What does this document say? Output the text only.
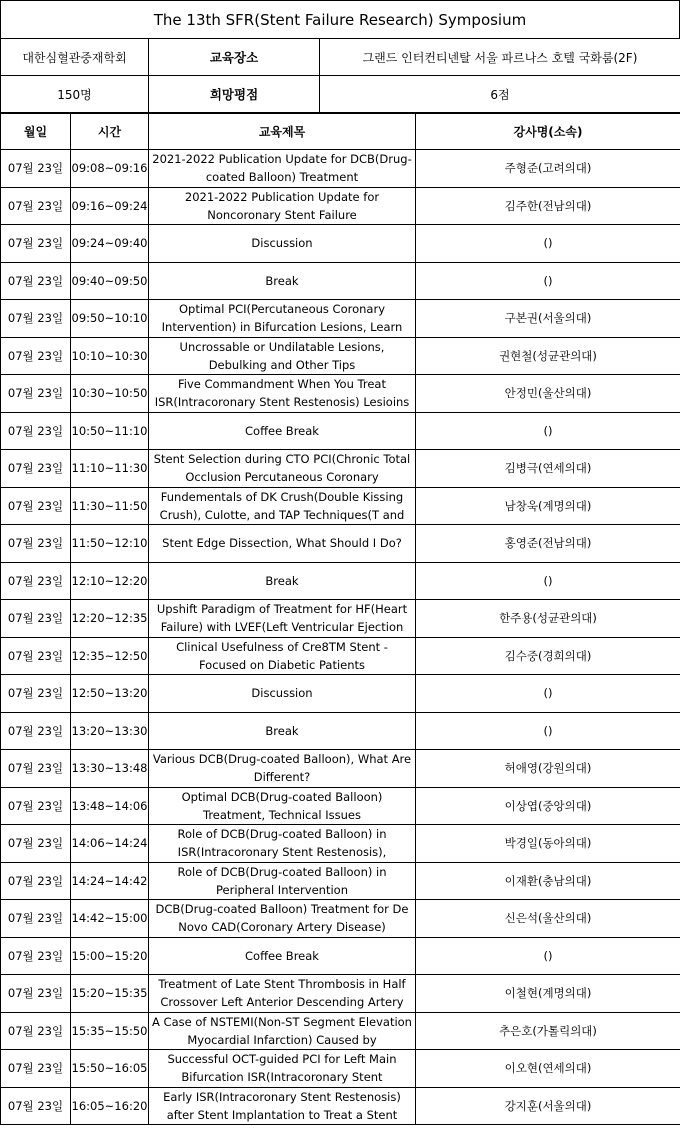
The 13th SFR(Stent Failure Research) Symposium
대한심혈관중재학회	교육장소	그랜드 인터컨티넨탈 서울 파르나스 호텔 국화룸(2F)
150명	희망평점	6점
월일	시간	교육제목	강사명(소속)
07월 23일	09:08~09:16	2021-2022 Publication Update for DCB(Drug-coated Balloon) Treatment	주형준(고려의대)
07월 23일	09:16~09:24	2021-2022 Publication Update for Noncoronary Stent Failure	김주한(전남의대)
07월 23일	09:24~09:40	Discussion	()
07월 23일	09:40~09:50	Break	()
07월 23일	09:50~10:10	Optimal PCI(Percutaneous Coronary Intervention) in Bifurcation Lesions, Learn	구본권(서울의대)
07월 23일	10:10~10:30	Uncrossable or Undilatable Lesions, Debulking and Other Tips	권현철(성균관의대)
07월 23일	10:30~10:50	Five Commandment When You Treat ISR(Intracoronary Stent Restenosis) Lesioins	안정민(울산의대)
07월 23일	10:50~11:10	Coffee Break	()
07월 23일	11:10~11:30	Stent Selection during CTO PCI(Chronic Total Occlusion Percutaneous Coronary	김병극(연세의대)
07월 23일	11:30~11:50	Fundementals of DK Crush(Double Kissing Crush), Culotte, and TAP Techniques(T and	남창욱(계명의대)
07월 23일	11:50~12:10	Stent Edge Dissection, What Should I Do?	홍영준(전남의대)
07월 23일	12:10~12:20	Break	()
07월 23일	12:20~12:35	Upshift Paradigm of Treatment for HF(Heart Failure) with LVEF(Left Ventricular Ejection	한주용(성균관의대)
07월 23일	12:35~12:50	Clinical Usefulness of Cre8TM Stent - Focused on Diabetic Patients	김수중(경희의대)
07월 23일	12:50~13:20	Discussion	()
07월 23일	13:20~13:30	Break	()
07월 23일	13:30~13:48	Various DCB(Drug-coated Balloon), What Are Different?	허애영(강원의대)
07월 23일	13:48~14:06	Optimal DCB(Drug-coated Balloon) Treatment, Technical Issues	이상엽(중앙의대)
07월 23일	14:06~14:24	Role of DCB(Drug-coated Balloon) in ISR(Intracoronary Stent Restenosis),	박경일(동아의대)
07월 23일	14:24~14:42	Role of DCB(Drug-coated Balloon) in Peripheral Intervention	이재환(충남의대)
07월 23일	14:42~15:00	DCB(Drug-coated Balloon) Treatment for De Novo CAD(Coronary Artery Disease)	신은석(울산의대)
07월 23일	15:00~15:20	Coffee Break	()
07월 23일	15:20~15:35	Treatment of Late Stent Thrombosis in Half Crossover Left Anterior Descending Artery	이철현(계명의대)
07월 23일	15:35~15:50	A Case of NSTEMI(Non-ST Segment Elevation Myocardial Infarction) Caused by	추은호(가톨릭의대)
07월 23일	15:50~16:05	Successful OCT-guided PCI for Left Main Bifurcation ISR(Intracoronary Stent	이오현(연세의대)
07월 23일	16:05~16:20	Early ISR(Intracoronary Stent Restenosis) after Stent Implantation to Treat a Stent	강지훈(서울의대)
